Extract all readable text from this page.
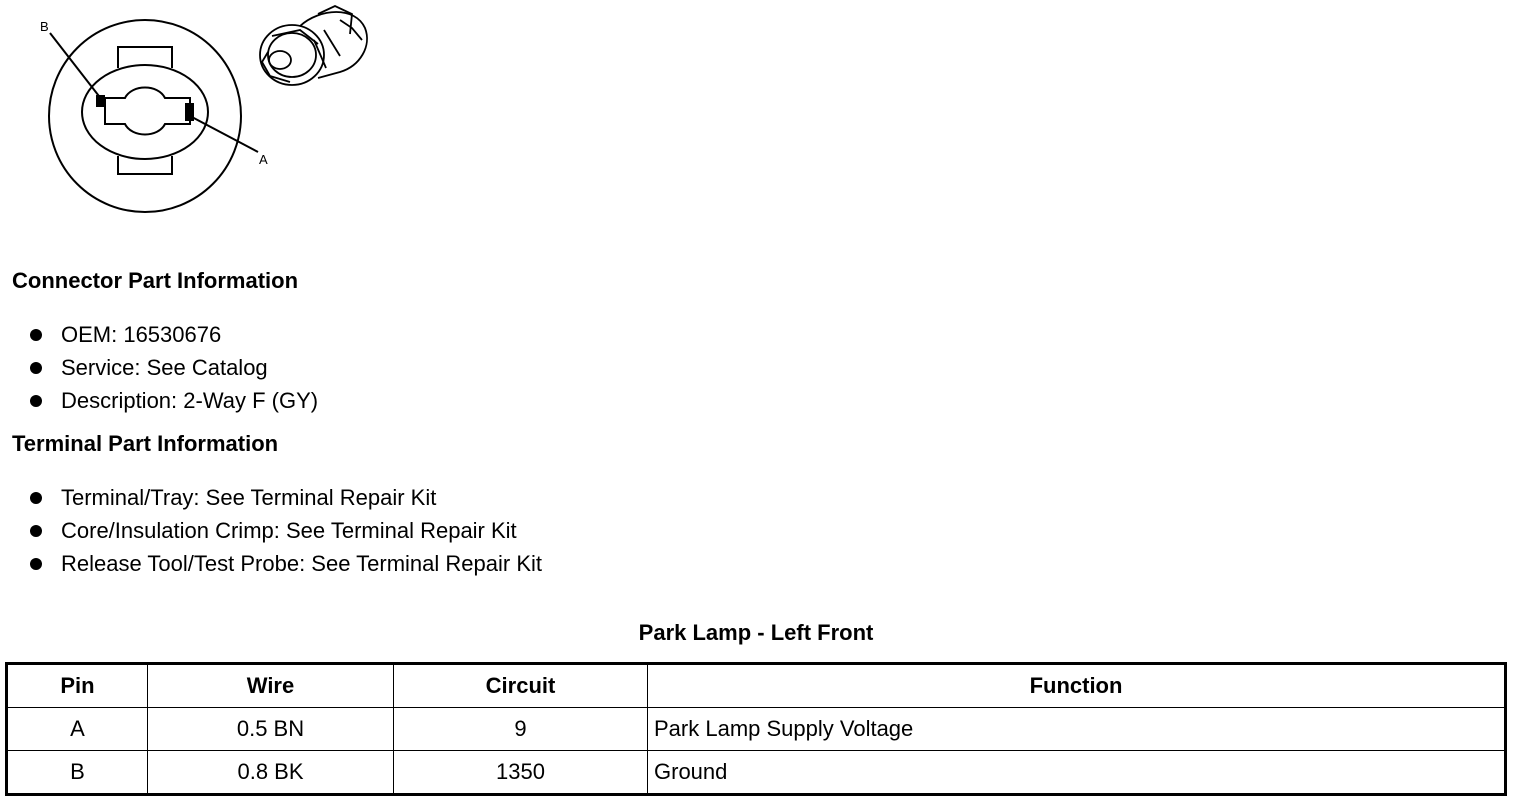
A
B
Connector Part Information
OEM: 16530676
Service: See Catalog
Description: 2-Way F (GY)
Terminal Part Information
Terminal/Tray: See Terminal Repair Kit
Core/Insulation Crimp: See Terminal Repair Kit
Release Tool/Test Probe: See Terminal Repair Kit
Park Lamp - Left Front
Pin	Wire	Circuit	Function
A	0.5 BN	9	Park Lamp Supply Voltage
B	0.8 BK	1350	Ground
